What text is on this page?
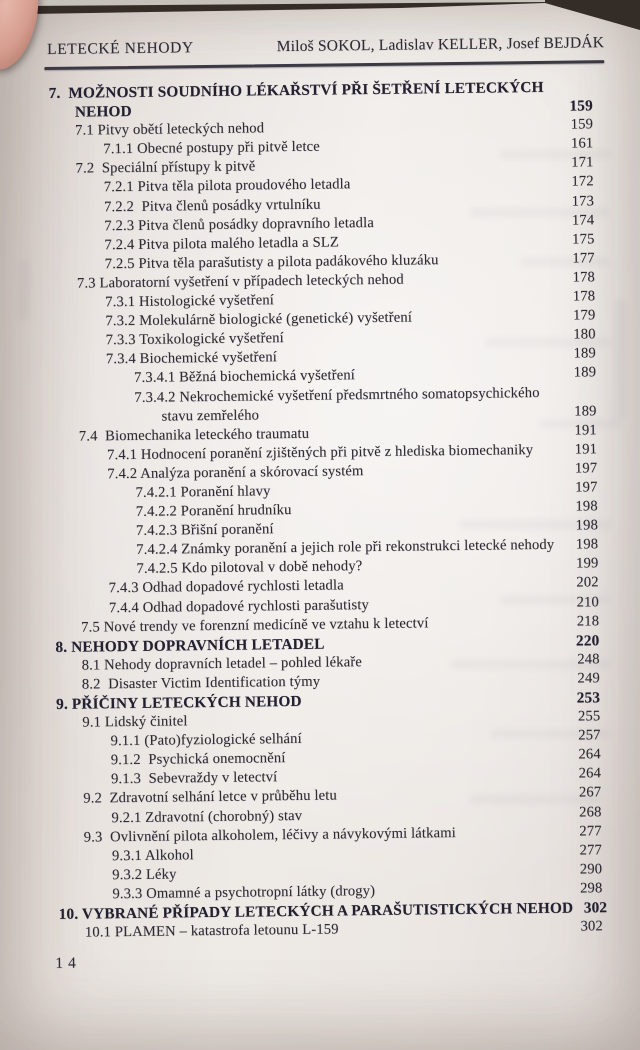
LETECKÉ NEHODY	Miloš SOKOL, Ladislav KELLER, Josef BEJDÁK
7.  MOŽNOSTI SOUDNÍHO LÉKAŘSTVÍ PŘI ŠETŘENÍ LETECKÝCH
NEHOD	159
7.1 Pitvy obětí leteckých nehod	159
7.1.1 Obecné postupy při pitvě letce	161
7.2  Speciální přístupy k pitvě	171
7.2.1 Pitva těla pilota proudového letadla	172
7.2.2  Pitva členů posádky vrtulníku	173
7.2.3 Pitva členů posádky dopravního letadla	174
7.2.4 Pitva pilota malého letadla a SLZ	175
7.2.5 Pitva těla parašutisty a pilota padákového kluzáku	177
7.3 Laboratorní vyšetření v případech leteckých nehod	178
7.3.1 Histologické vyšetření	178
7.3.2 Molekulárně biologické (genetické) vyšetření	179
7.3.3 Toxikologické vyšetření	180
7.3.4 Biochemické vyšetření	189
7.3.4.1 Běžná biochemická vyšetření	189
7.3.4.2 Nekrochemické vyšetření předsmrtného somatopsychického
stavu zemřelého	189
7.4  Biomechanika leteckého traumatu	191
7.4.1 Hodnocení poranění zjištěných při pitvě z hlediska biomechaniky	191
7.4.2 Analýza poranění a skórovací systém	197
7.4.2.1 Poranění hlavy	197
7.4.2.2 Poranění hrudníku	198
7.4.2.3 Břišní poranění	198
7.4.2.4 Známky poranění a jejich role při rekonstrukci letecké nehody	198
7.4.2.5 Kdo pilotoval v době nehody?	199
7.4.3 Odhad dopadové rychlosti letadla	202
7.4.4 Odhad dopadové rychlosti parašutisty	210
7.5 Nové trendy ve forenzní medicíně ve vztahu k letectví	218
8. NEHODY DOPRAVNÍCH LETADEL	220
8.1 Nehody dopravních letadel – pohled lékaře	248
8.2  Disaster Victim Identification týmy	249
9. PŘÍČINY LETECKÝCH NEHOD	253
9.1 Lidský činitel	255
9.1.1 (Pato)fyziologické selhání	257
9.1.2  Psychická onemocnění	264
9.1.3  Sebevraždy v letectví	264
9.2  Zdravotní selhání letce v průběhu letu	267
9.2.1 Zdravotní (chorobný) stav	268
9.3  Ovlivnění pilota alkoholem, léčivy a návykovými látkami	277
9.3.1 Alkohol	277
9.3.2 Léky	290
9.3.3 Omamné a psychotropní látky (drogy)	298
10. VYBRANÉ PŘÍPADY LETECKÝCH A PARAŠUTISTICKÝCH NEHOD 302
10.1 PLAMEN – katastrofa letounu L-159	302
14
